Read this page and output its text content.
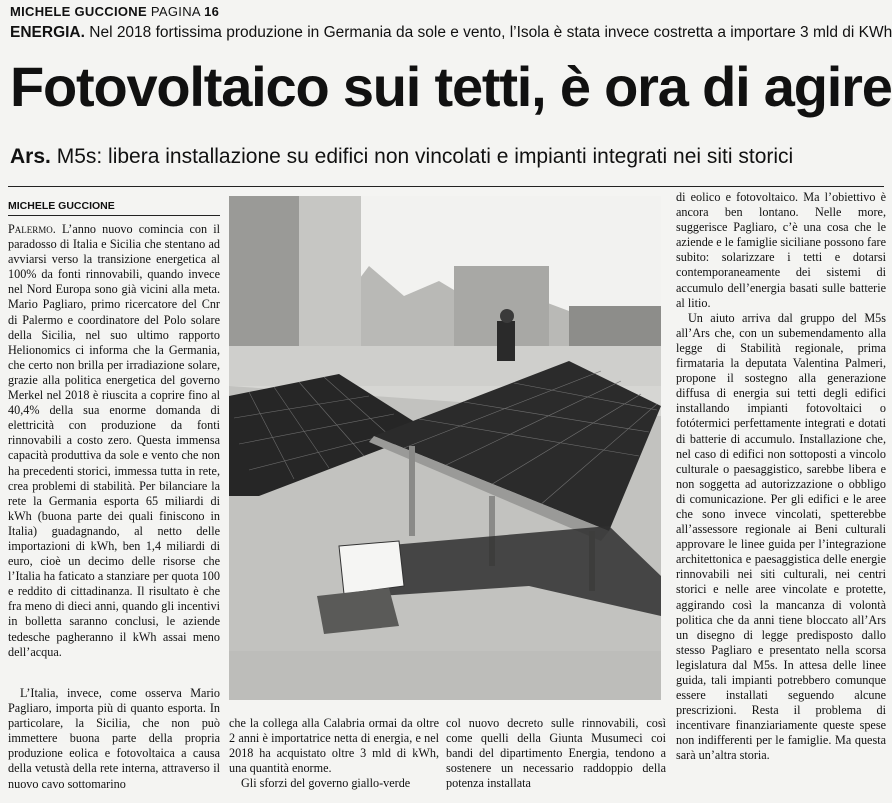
MICHELE GUCCIONE PAGINA 16
ENERGIA. Nel 2018 fortissima produzione in Germania da sole e vento, l’Isola è stata invece costretta a importare 3 mld di KWh
Fotovoltaico sui tetti, è ora di agire
Ars. M5s: libera installazione su edifici non vincolati e impianti integrati nei siti storici
MICHELE GUCCIONE

Palermo. L’anno nuovo comincia con il paradosso di Italia e Sicilia che stentano ad avviarsi verso la transizione energetica al 100% da fonti rinnovabili, quando invece nel Nord Europa sono già vicini alla meta. Mario Pagliaro, primo ricercatore del Cnr di Palermo e coordinatore del Polo solare della Sicilia, nel suo ultimo rapporto Helionomics ci informa che la Germania, che certo non brilla per irradiazione solare, grazie alla politica energetica del governo Merkel nel 2018 è riuscita a coprire fino al 40,4% della sua enorme domanda di elettricità con produzione da fonti rinnovabili a costo zero. Questa immensa capacità produttiva da sole e vento che non ha precedenti storici, immessa tutta in rete, crea problemi di stabilità. Per bilanciare la rete la Germania esporta 65 miliardi di kWh (buona parte dei quali finiscono in Italia) guadagnando, al netto delle importazioni di kWh, ben 1,4 miliardi di euro, cioè un decimo delle risorse che l’Italia ha faticato a stanziare per quota 100 e reddito di cittadinanza. Il risultato è che fra meno di dieci anni, quando gli incentivi in bolletta saranno conclusi, le aziende tedesche pagheranno il kWh assai meno dell’acqua.

L’Italia, invece, come osserva Mario Pagliaro, importa più di quanto esporta. In particolare, la Sicilia, che non può immettere buona parte della propria produzione eolica e fotovoltaica a causa della vetustà della rete interna, attraverso il nuovo cavo sottomarino

che la collega alla Calabria ormai da oltre 2 anni è importatrice netta di energia, e nel 2018 ha acquistato oltre 3 mld di kWh, una quantità enorme.

Gli sforzi del governo giallo-verde

col nuovo decreto sulle rinnovabili, così come quelli della Giunta Musumeci coi bandi del dipartimento Energia, tendono a sostenere un necessario raddoppio della potenza installata

di eolico e fotovoltaico. Ma l’obiettivo è ancora ben lontano. Nelle more, suggerisce Pagliaro, c’è una cosa che le aziende e le famiglie siciliane possono fare subito: solarizzare i tetti e dotarsi contemporaneamente dei sistemi di accumulo dell’energia basati sulle batterie al litio.

Un aiuto arriva dal gruppo del M5s all’Ars che, con un subemendamento alla legge di Stabilità regionale, prima firmataria la deputata Valentina Palmeri, propone il sostegno alla generazione diffusa di energia sui tetti degli edifici installando impianti fotovoltaici o fotótermici perfettamente integrati e dotati di batterie di accumulo. Installazione che, nel caso di edifici non sottoposti a vincolo culturale o paesaggistico, sarebbe libera e non soggetta ad autorizzazione o obbligo di comunicazione. Per gli edifici e le aree che sono invece vincolati, spetterebbe all’assessore regionale ai Beni culturali approvare le linee guida per l’integrazione architettonica e paesaggistica delle energie rinnovabili nei siti culturali, nei centri storici e nelle aree vincolate e protette, aggirando così la mancanza di volontà politica che da anni tiene bloccato all’Ars un disegno di legge predisposto dallo stesso Pagliaro e presentato nella scorsa legislatura dal M5s. In attesa delle linee guida, tali impianti potrebbero comunque essere installati seguendo alcune prescrizioni. Resta il problema di incentivare finanziariamente queste spese non indifferenti per le famiglie. Ma questa sarà un’altra storia.
